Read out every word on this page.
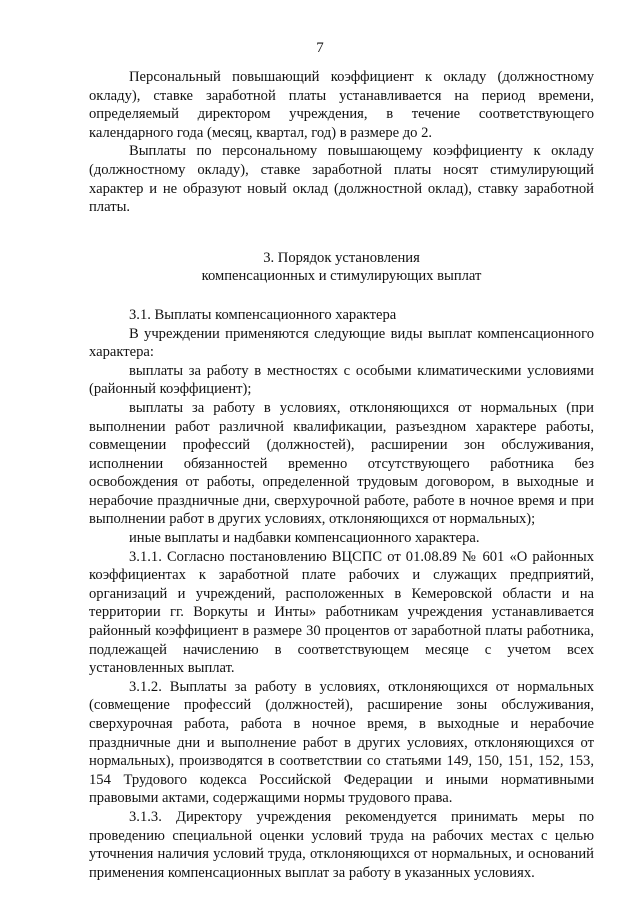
7

Персональный повышающий коэффициент к окладу (должностному окладу), ставке заработной платы устанавливается на период времени, определяемый директором учреждения, в течение соответствующего календарного года (месяц, квартал, год) в размере до 2.

Выплаты по персональному повышающему коэффициенту к окладу (должностному окладу), ставке заработной платы носят стимулирующий характер и не образуют новый оклад (должностной оклад), ставку заработной платы.

3. Порядок установления
компенсационных и стимулирующих выплат

3.1. Выплаты компенсационного характера

В учреждении применяются следующие виды выплат компенсационного характера:

выплаты за работу в местностях с особыми климатическими условиями (районный коэффициент);

выплаты за работу в условиях, отклоняющихся от нормальных (при выполнении работ различной квалификации, разъездном характере работы, совмещении профессий (должностей), расширении зон обслуживания, исполнении обязанностей временно отсутствующего работника без освобождения от работы, определенной трудовым договором, в выходные и нерабочие праздничные дни, сверхурочной работе, работе в ночное время и при выполнении работ в других условиях, отклоняющихся от нормальных);

иные выплаты и надбавки компенсационного характера.

3.1.1. Согласно постановлению ВЦСПС от 01.08.89 № 601 «О районных коэффициентах к заработной плате рабочих и служащих предприятий, организаций и учреждений, расположенных в Кемеровской области и на территории гг. Воркуты и Инты» работникам учреждения устанавливается районный коэффициент в размере 30 процентов от заработной платы работника, подлежащей начислению в соответствующем месяце с учетом всех установленных выплат.

3.1.2. Выплаты за работу в условиях, отклоняющихся от нормальных (совмещение профессий (должностей), расширение зоны обслуживания, сверхурочная работа, работа в ночное время, в выходные и нерабочие праздничные дни и выполнение работ в других условиях, отклоняющихся от нормальных), производятся в соответствии со статьями 149, 150, 151, 152, 153, 154 Трудового кодекса Российской Федерации и иными нормативными правовыми актами, содержащими нормы трудового права.

3.1.3. Директору учреждения рекомендуется принимать меры по проведению специальной оценки условий труда на рабочих местах с целью уточнения наличия условий труда, отклоняющихся от нормальных, и оснований применения компенсационных выплат за работу в указанных условиях.
